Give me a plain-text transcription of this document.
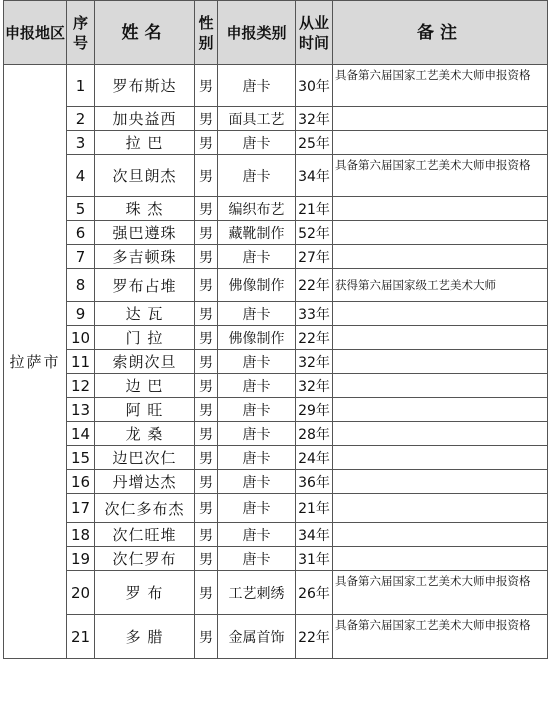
申报地区	序号	姓名	性别	申报类别	从业时间	备注
拉萨市	1	罗布斯达	男	唐卡	30年	具备第六届国家工艺美术大师申报资格
	2	加央益西	男	面具工艺	32年	
	3	拉 巴	男	唐卡	25年	
	4	次旦朗杰	男	唐卡	34年	具备第六届国家工艺美术大师申报资格
	5	珠 杰	男	编织布艺	21年	
	6	强巴遵珠	男	藏靴制作	52年	
	7	多吉顿珠	男	唐卡	27年	
	8	罗布占堆	男	佛像制作	22年	获得第六届国家级工艺美术大师
	9	达 瓦	男	唐卡	33年	
	10	门 拉	男	佛像制作	22年	
	11	索朗次旦	男	唐卡	32年	
	12	边 巴	男	唐卡	32年	
	13	阿 旺	男	唐卡	29年	
	14	龙 桑	男	唐卡	28年	
	15	边巴次仁	男	唐卡	24年	
	16	丹增达杰	男	唐卡	36年	
	17	次仁多布杰	男	唐卡	21年	
	18	次仁旺堆	男	唐卡	34年	
	19	次仁罗布	男	唐卡	31年	
	20	罗 布	男	工艺刺绣	26年	具备第六届国家工艺美术大师申报资格
	21	多 腊	男	金属首饰	22年	具备第六届国家工艺美术大师申报资格
